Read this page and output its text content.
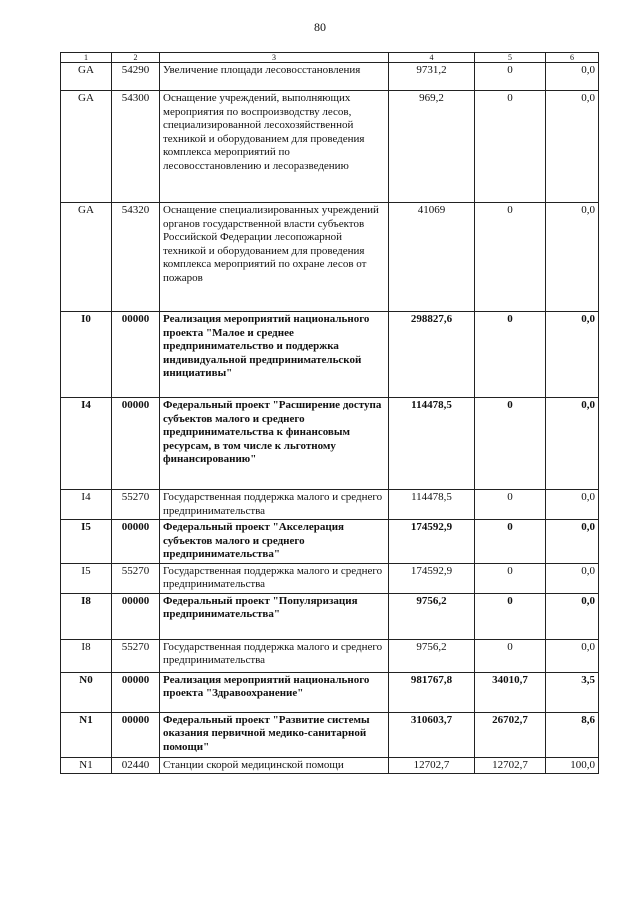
80
1	2	3	4	5	6
GA	54290	Увеличение площади лесовосстановления	9731,2	0	0,0
GA	54300	Оснащение учреждений, выполняющих мероприятия по воспроизводству лесов, специализированной лесохозяйственной техникой и оборудованием для проведения комплекса мероприятий по лесовосстановлению и лесоразведению	969,2	0	0,0
GA	54320	Оснащение специализированных учреждений органов государственной власти субъектов Российской Федерации лесопожарной техникой и оборудованием для проведения комплекса мероприятий по охране лесов от пожаров	41069	0	0,0
I0	00000	Реализация мероприятий национального проекта "Малое и среднее предпринимательство и поддержка индивидуальной предпринимательской инициативы"	298827,6	0	0,0
I4	00000	Федеральный проект "Расширение доступа субъектов малого и среднего предпринимательства к финансовым ресурсам, в том числе к льготному финансированию"	114478,5	0	0,0
I4	55270	Государственная поддержка малого и среднего предпринимательства	114478,5	0	0,0
I5	00000	Федеральный проект "Акселерация субъектов малого и среднего предпринимательства"	174592,9	0	0,0
I5	55270	Государственная поддержка малого и среднего предпринимательства	174592,9	0	0,0
I8	00000	Федеральный проект "Популяризация предпринимательства"	9756,2	0	0,0
I8	55270	Государственная поддержка малого и среднего предпринимательства	9756,2	0	0,0
N0	00000	Реализация мероприятий национального проекта "Здравоохранение"	981767,8	34010,7	3,5
N1	00000	Федеральный проект "Развитие системы оказания первичной медико-санитарной помощи"	310603,7	26702,7	8,6
N1	02440	Станции скорой медицинской помощи	12702,7	12702,7	100,0
